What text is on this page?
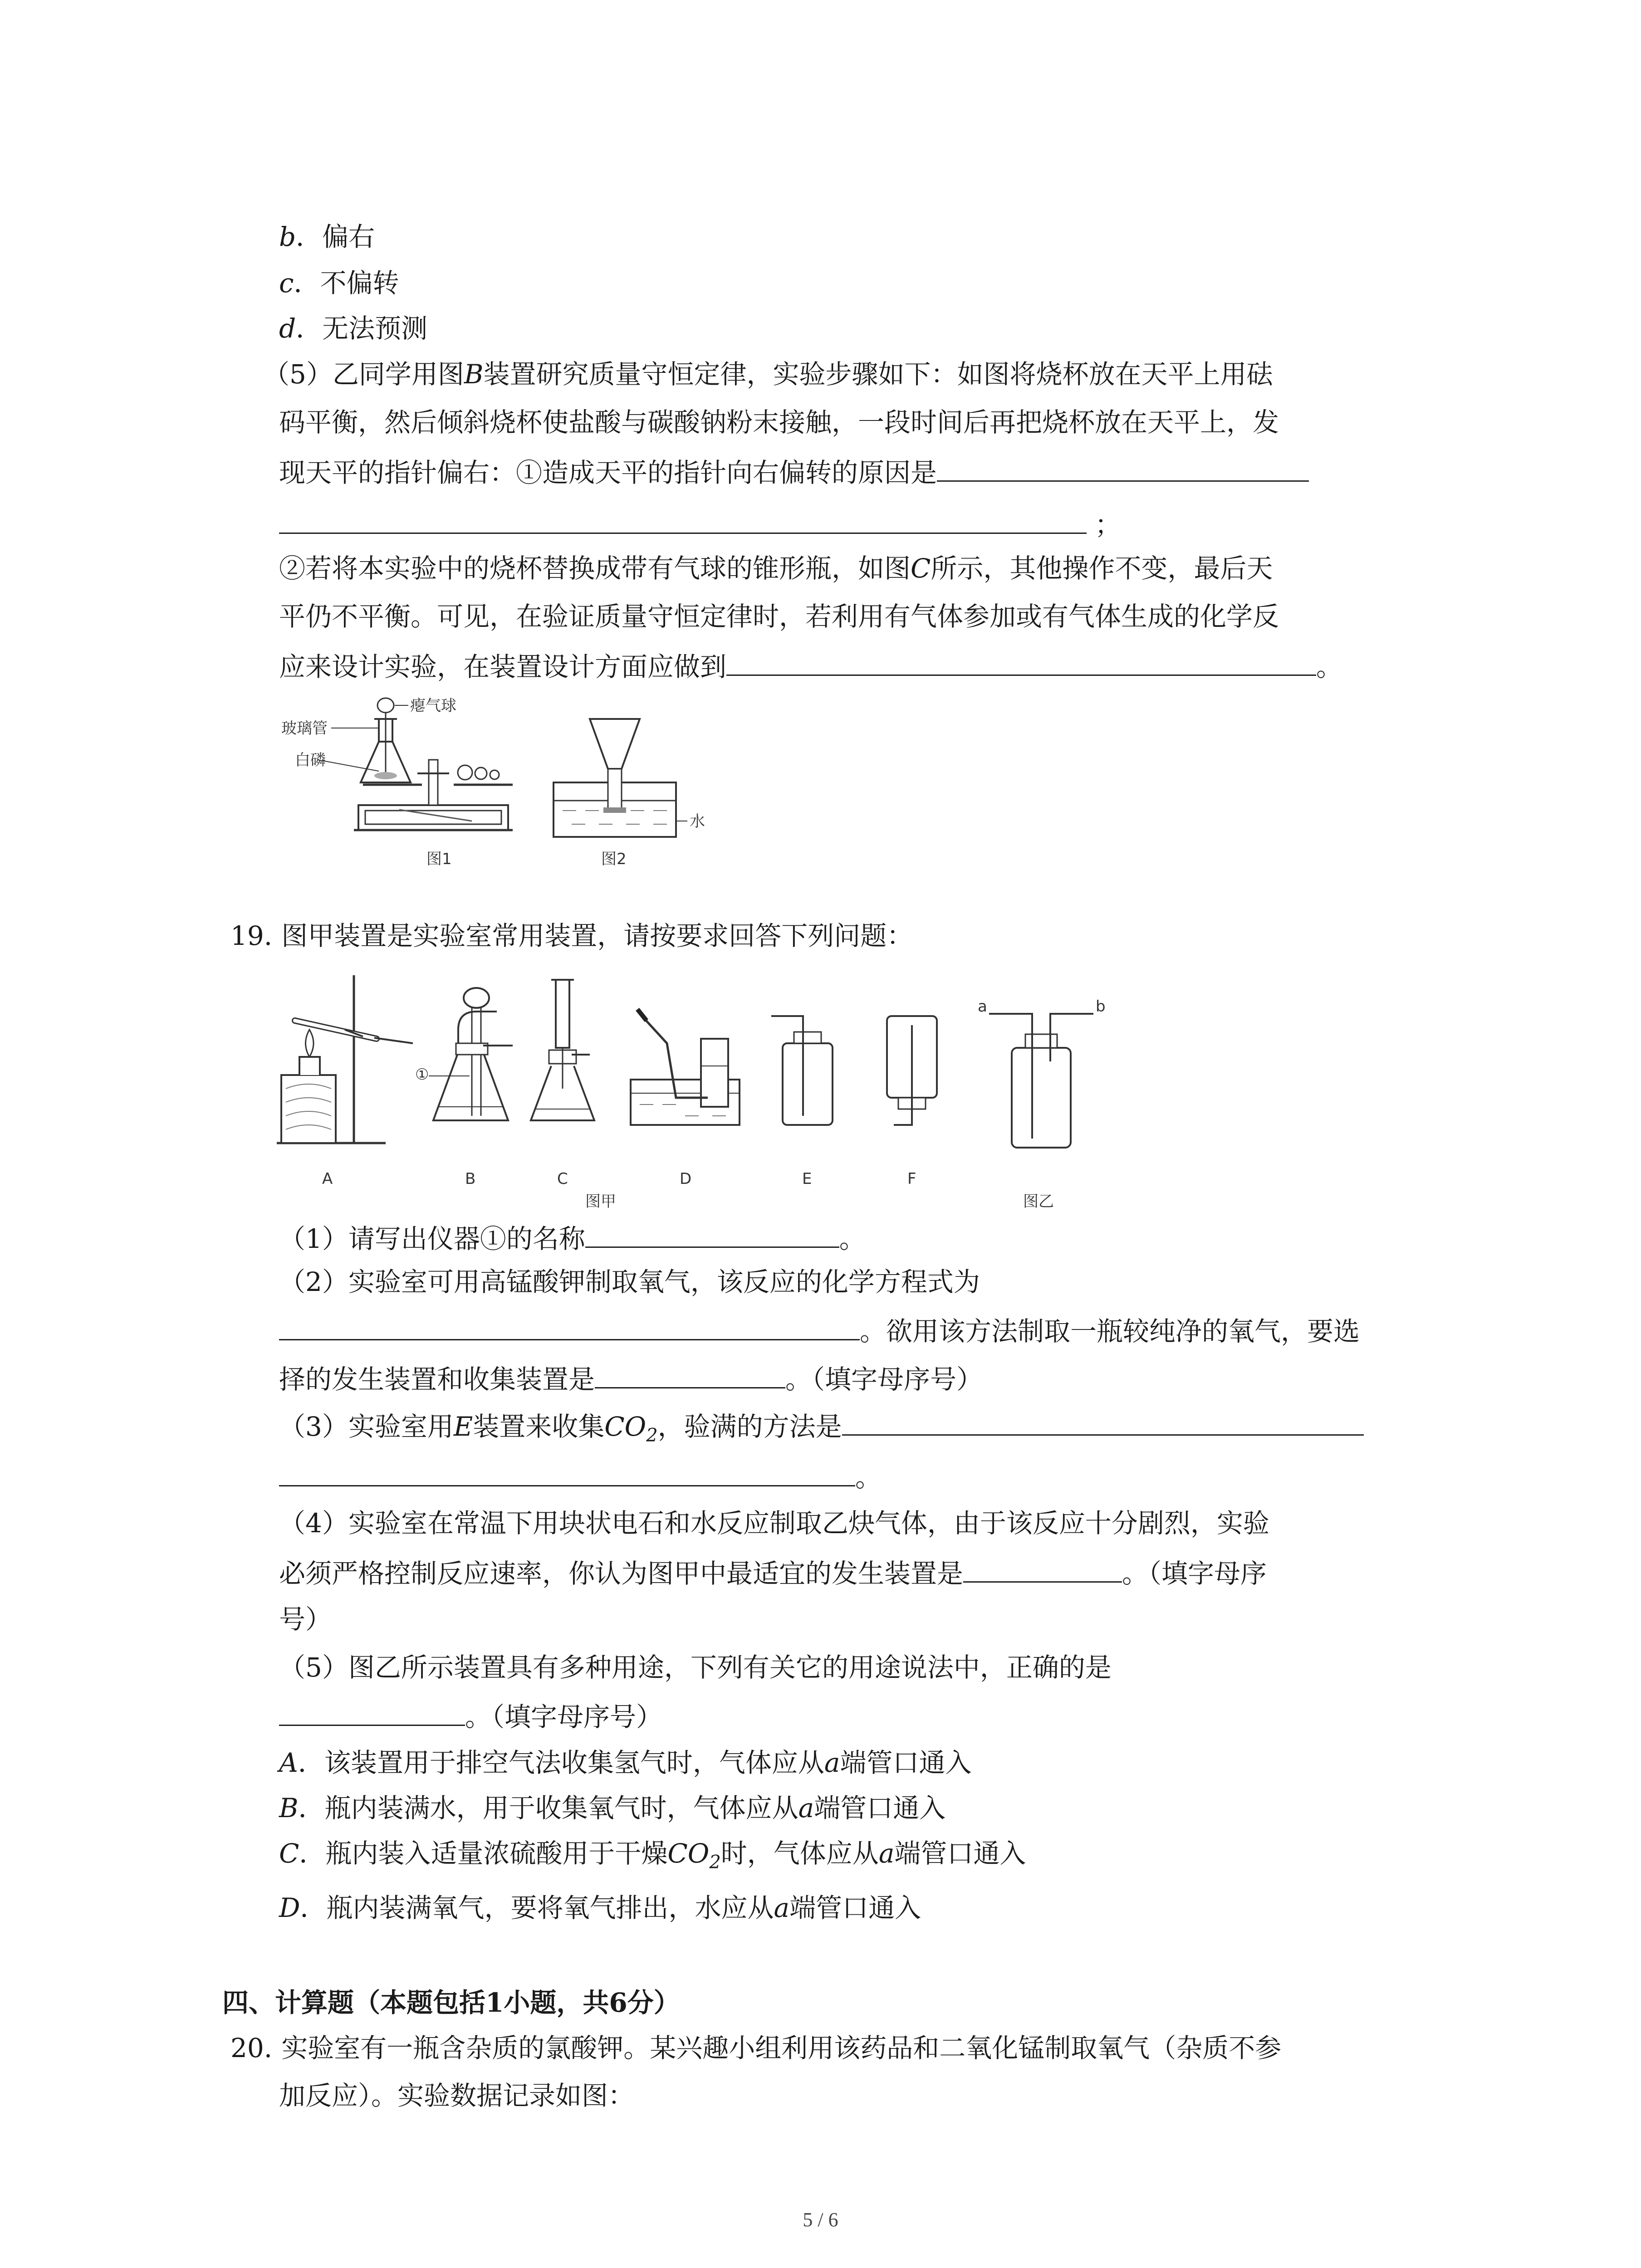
b．偏右
c．不偏转
d．无法预测
（5）乙同学用图B装置研究质量守恒定律，实验步骤如下：如图将烧杯放在天平上用砝
码平衡，然后倾斜烧杯使盐酸与碳酸钠粉末接触，一段时间后再把烧杯放在天平上，发
现天平的指针偏右：①造成天平的指针向右偏转的原因是
；
②若将本实验中的烧杯替换成带有气球的锥形瓶，如图C所示，其他操作不变，最后天
平仍不平衡。可见，在验证质量守恒定律时，若利用有气体参加或有气体生成的化学反
应来设计实验，在装置设计方面应做到	。
瘪气球
玻璃管
白磷
图1
水
图2
19. 图甲装置是实验室常用装置，请按要求回答下列问题：
A
①
B	C	D	E	F
a	b
图甲	图乙
（1）请写出仪器①的名称	。
（2）实验室可用高锰酸钾制取氧气，该反应的化学方程式为
。欲用该方法制取一瓶较纯净的氧气，要选
择的发生装置和收集装置是	。（填字母序号）
（3）实验室用E装置来收集$CO_2$，验满的方法是
。
（4）实验室在常温下用块状电石和水反应制取乙炔气体，由于该反应十分剧烈，实验
必须严格控制反应速率，你认为图甲中最适宜的发生装置是	。（填字母序
号）
（5）图乙所示装置具有多种用途，下列有关它的用途说法中，正确的是
。（填字母序号）
A．该装置用于排空气法收集氢气时，气体应从a端管口通入
B．瓶内装满水，用于收集氧气时，气体应从a端管口通入
C．瓶内装入适量浓硫酸用于干燥$CO_2$时，气体应从a端管口通入
D．瓶内装满氧气，要将氧气排出，水应从a端管口通入
四、计算题（本题包括1小题，共6分）
20. 实验室有一瓶含杂质的氯酸钾。某兴趣小组利用该药品和二氧化锰制取氧气（杂质不参
加反应）。实验数据记录如图：
5 / 6
